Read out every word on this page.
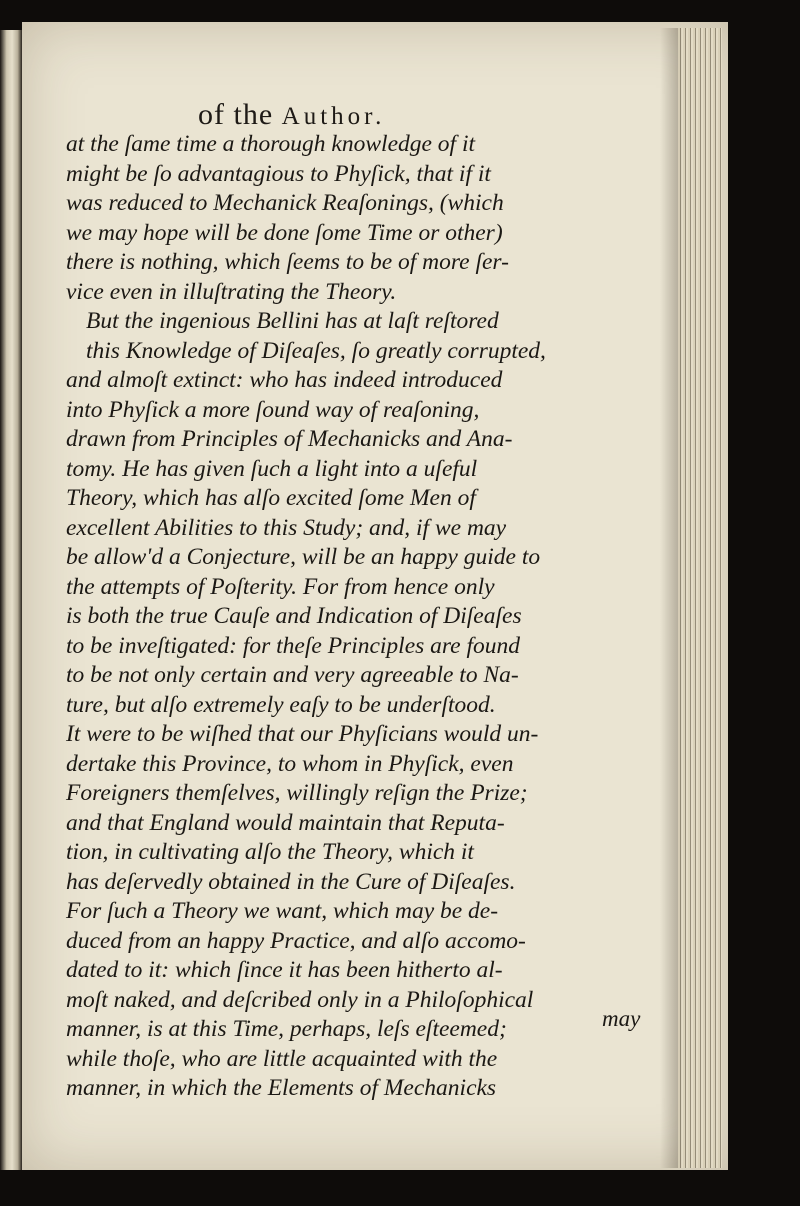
of the Author.
at the ſame time a thorough knowledge of it
might be ſo advantagious to Phyſick, that if it
was reduced to Mechanick Reaſonings, (which
we may hope will be done ſome Time or other)
there is nothing, which ſeems to be of more ſer-
vice even in illuſtrating the Theory.
But the ingenious Bellini has at laſt reſtored
this Knowledge of Diſeaſes, ſo greatly corrupted,
and almoſt extinct: who has indeed introduced
into Phyſick a more ſound way of reaſoning,
drawn from Principles of Mechanicks and Ana-
tomy. He has given ſuch a light into a uſeful
Theory, which has alſo excited ſome Men of
excellent Abilities to this Study; and, if we may
be allow'd a Conjecture, will be an happy guide to
the attempts of Poſterity. For from hence only
is both the true Cauſe and Indication of Diſeaſes
to be inveſtigated: for theſe Principles are found
to be not only certain and very agreeable to Na-
ture, but alſo extremely eaſy to be underſtood.
It were to be wiſhed that our Phyſicians would un-
dertake this Province, to whom in Phyſick, even
Foreigners themſelves, willingly reſign the Prize;
and that England would maintain that Reputa-
tion, in cultivating alſo the Theory, which it
has deſervedly obtained in the Cure of Diſeaſes.
For ſuch a Theory we want, which may be de-
duced from an happy Practice, and alſo accomo-
dated to it: which ſince it has been hitherto al-
moſt naked, and deſcribed only in a Philoſophical
manner, is at this Time, perhaps, leſs eſteemed;
while thoſe, who are little acquainted with the
manner, in which the Elements of Mechanicks
may
